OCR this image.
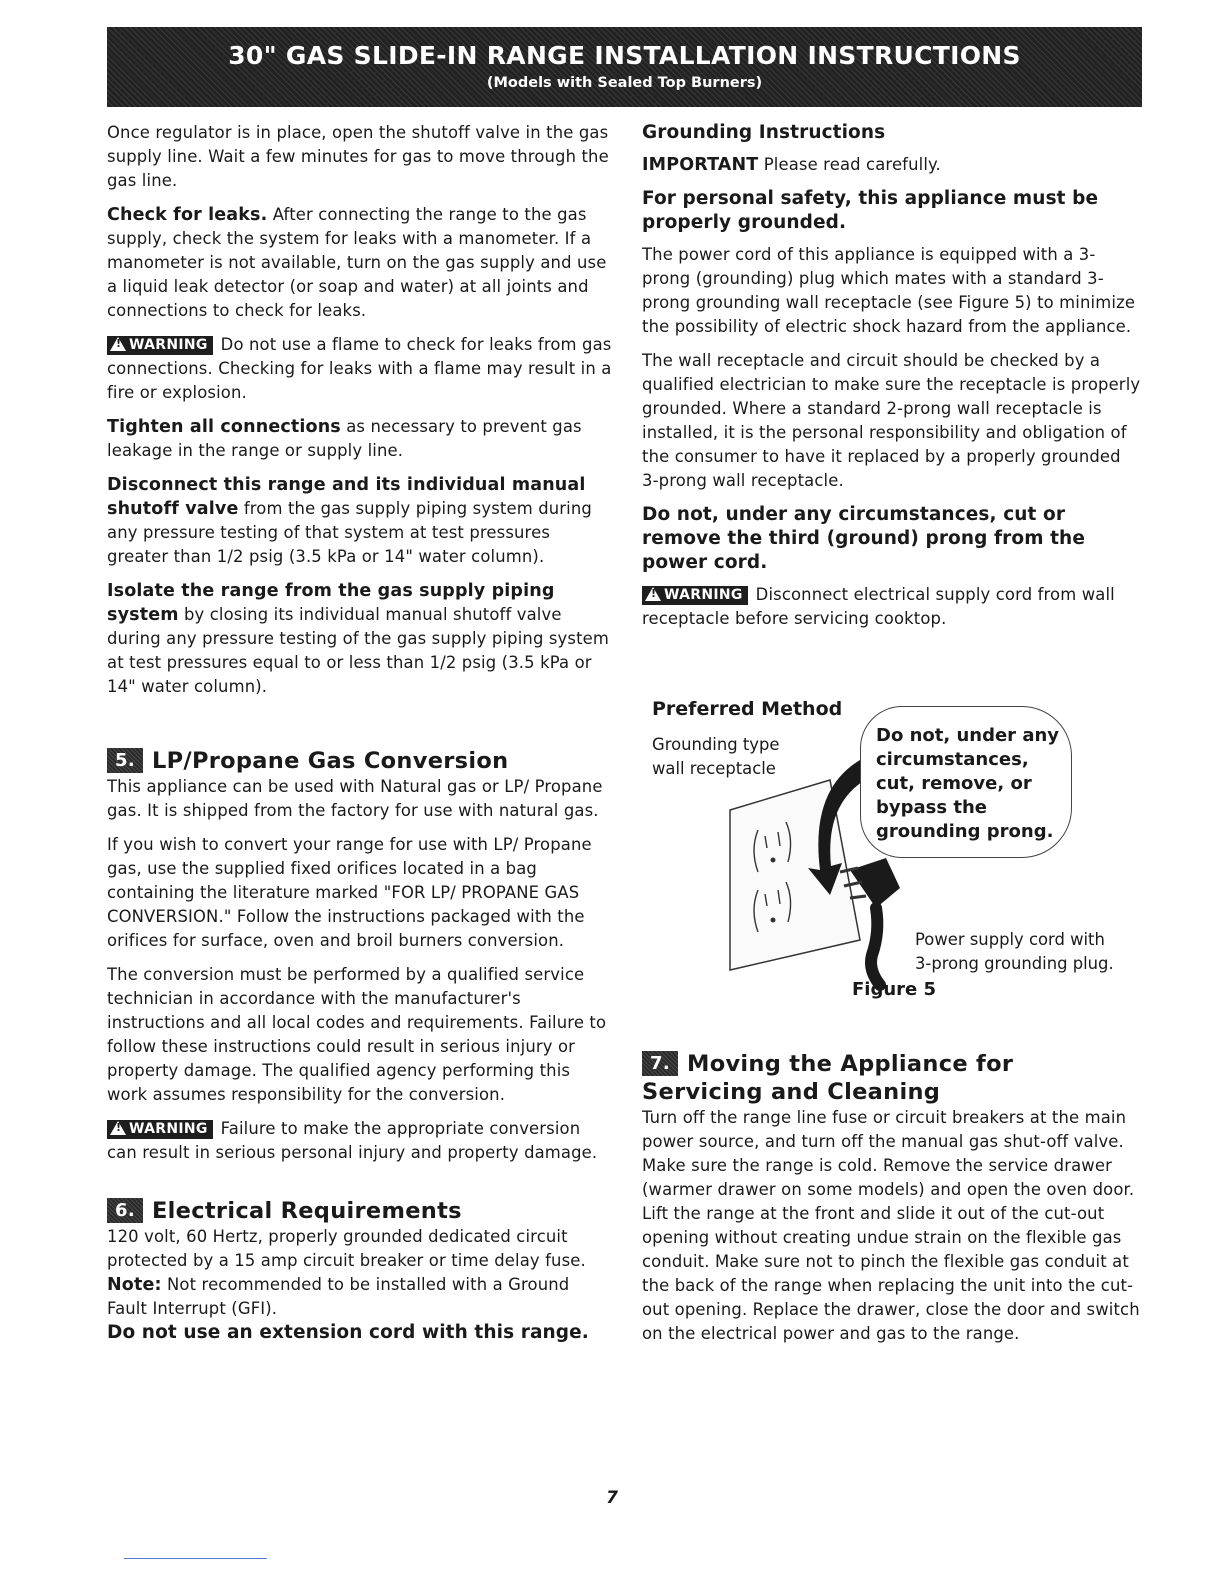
30" GAS SLIDE-IN RANGE INSTALLATION INSTRUCTIONS
(Models with Sealed Top Burners)

Once regulator is in place, open the shutoff valve in the gas supply line. Wait a few minutes for gas to move through the gas line.

Check for leaks. After connecting the range to the gas supply, check the system for leaks with a manometer. If a manometer is not available, turn on the gas supply and use a liquid leak detector (or soap and water) at all joints and connections to check for leaks.

!WARNING Do not use a flame to check for leaks from gas connections. Checking for leaks with a flame may result in a fire or explosion.

Tighten all connections as necessary to prevent gas leakage in the range or supply line.

Disconnect this range and its individual manual shutoff valve from the gas supply piping system during any pressure testing of that system at test pressures greater than 1/2 psig (3.5 kPa or 14" water column).

Isolate the range from the gas supply piping system by closing its individual manual shutoff valve during any pressure testing of the gas supply piping system at test pressures equal to or less than 1/2 psig (3.5 kPa or 14" water column).

5. LP/Propane Gas Conversion

This appliance can be used with Natural gas or LP/ Propane gas. It is shipped from the factory for use with natural gas.

If you wish to convert your range for use with LP/ Propane gas, use the supplied fixed orifices located in a bag containing the literature marked "FOR LP/ PROPANE GAS CONVERSION." Follow the instructions packaged with the orifices for surface, oven and broil burners conversion.

The conversion must be performed by a qualified service technician in accordance with the manufacturer's instructions and all local codes and requirements. Failure to follow these instructions could result in serious injury or property damage. The qualified agency performing this work assumes responsibility for the conversion.

!WARNING Failure to make the appropriate conversion can result in serious personal injury and property damage.

6. Electrical Requirements

120 volt, 60 Hertz, properly grounded dedicated circuit protected by a 15 amp circuit breaker or time delay fuse.

Note: Not recommended to be installed with a Ground Fault Interrupt (GFI).

Do not use an extension cord with this range.

Grounding Instructions

IMPORTANT Please read carefully.

For personal safety, this appliance must be properly grounded.

The power cord of this appliance is equipped with a 3-prong (grounding) plug which mates with a standard 3-prong grounding wall receptacle (see Figure 5) to minimize the possibility of electric shock hazard from the appliance.

The wall receptacle and circuit should be checked by a qualified electrician to make sure the receptacle is properly grounded. Where a standard 2-prong wall receptacle is installed, it is the personal responsibility and obligation of the consumer to have it replaced by a properly grounded 3-prong wall receptacle.

Do not, under any circumstances, cut or remove the third (ground) prong from the power cord.

!WARNING Disconnect electrical supply cord from wall receptacle before servicing cooktop.

Preferred Method
Grounding type
wall receptacle
Do not, under any circumstances, cut, remove, or bypass the grounding prong.
Power supply cord with
3-prong grounding plug.
Figure 5
7. Moving the Appliance for
Servicing and Cleaning

Turn off the range line fuse or circuit breakers at the main power source, and turn off the manual gas shut-off valve. Make sure the range is cold. Remove the service drawer (warmer drawer on some models) and open the oven door. Lift the range at the front and slide it out of the cut-out opening without creating undue strain on the flexible gas conduit. Make sure not to pinch the flexible gas conduit at the back of the range when replacing the unit into the cut-out opening. Replace the drawer, close the door and switch on the electrical power and gas to the range.

7
